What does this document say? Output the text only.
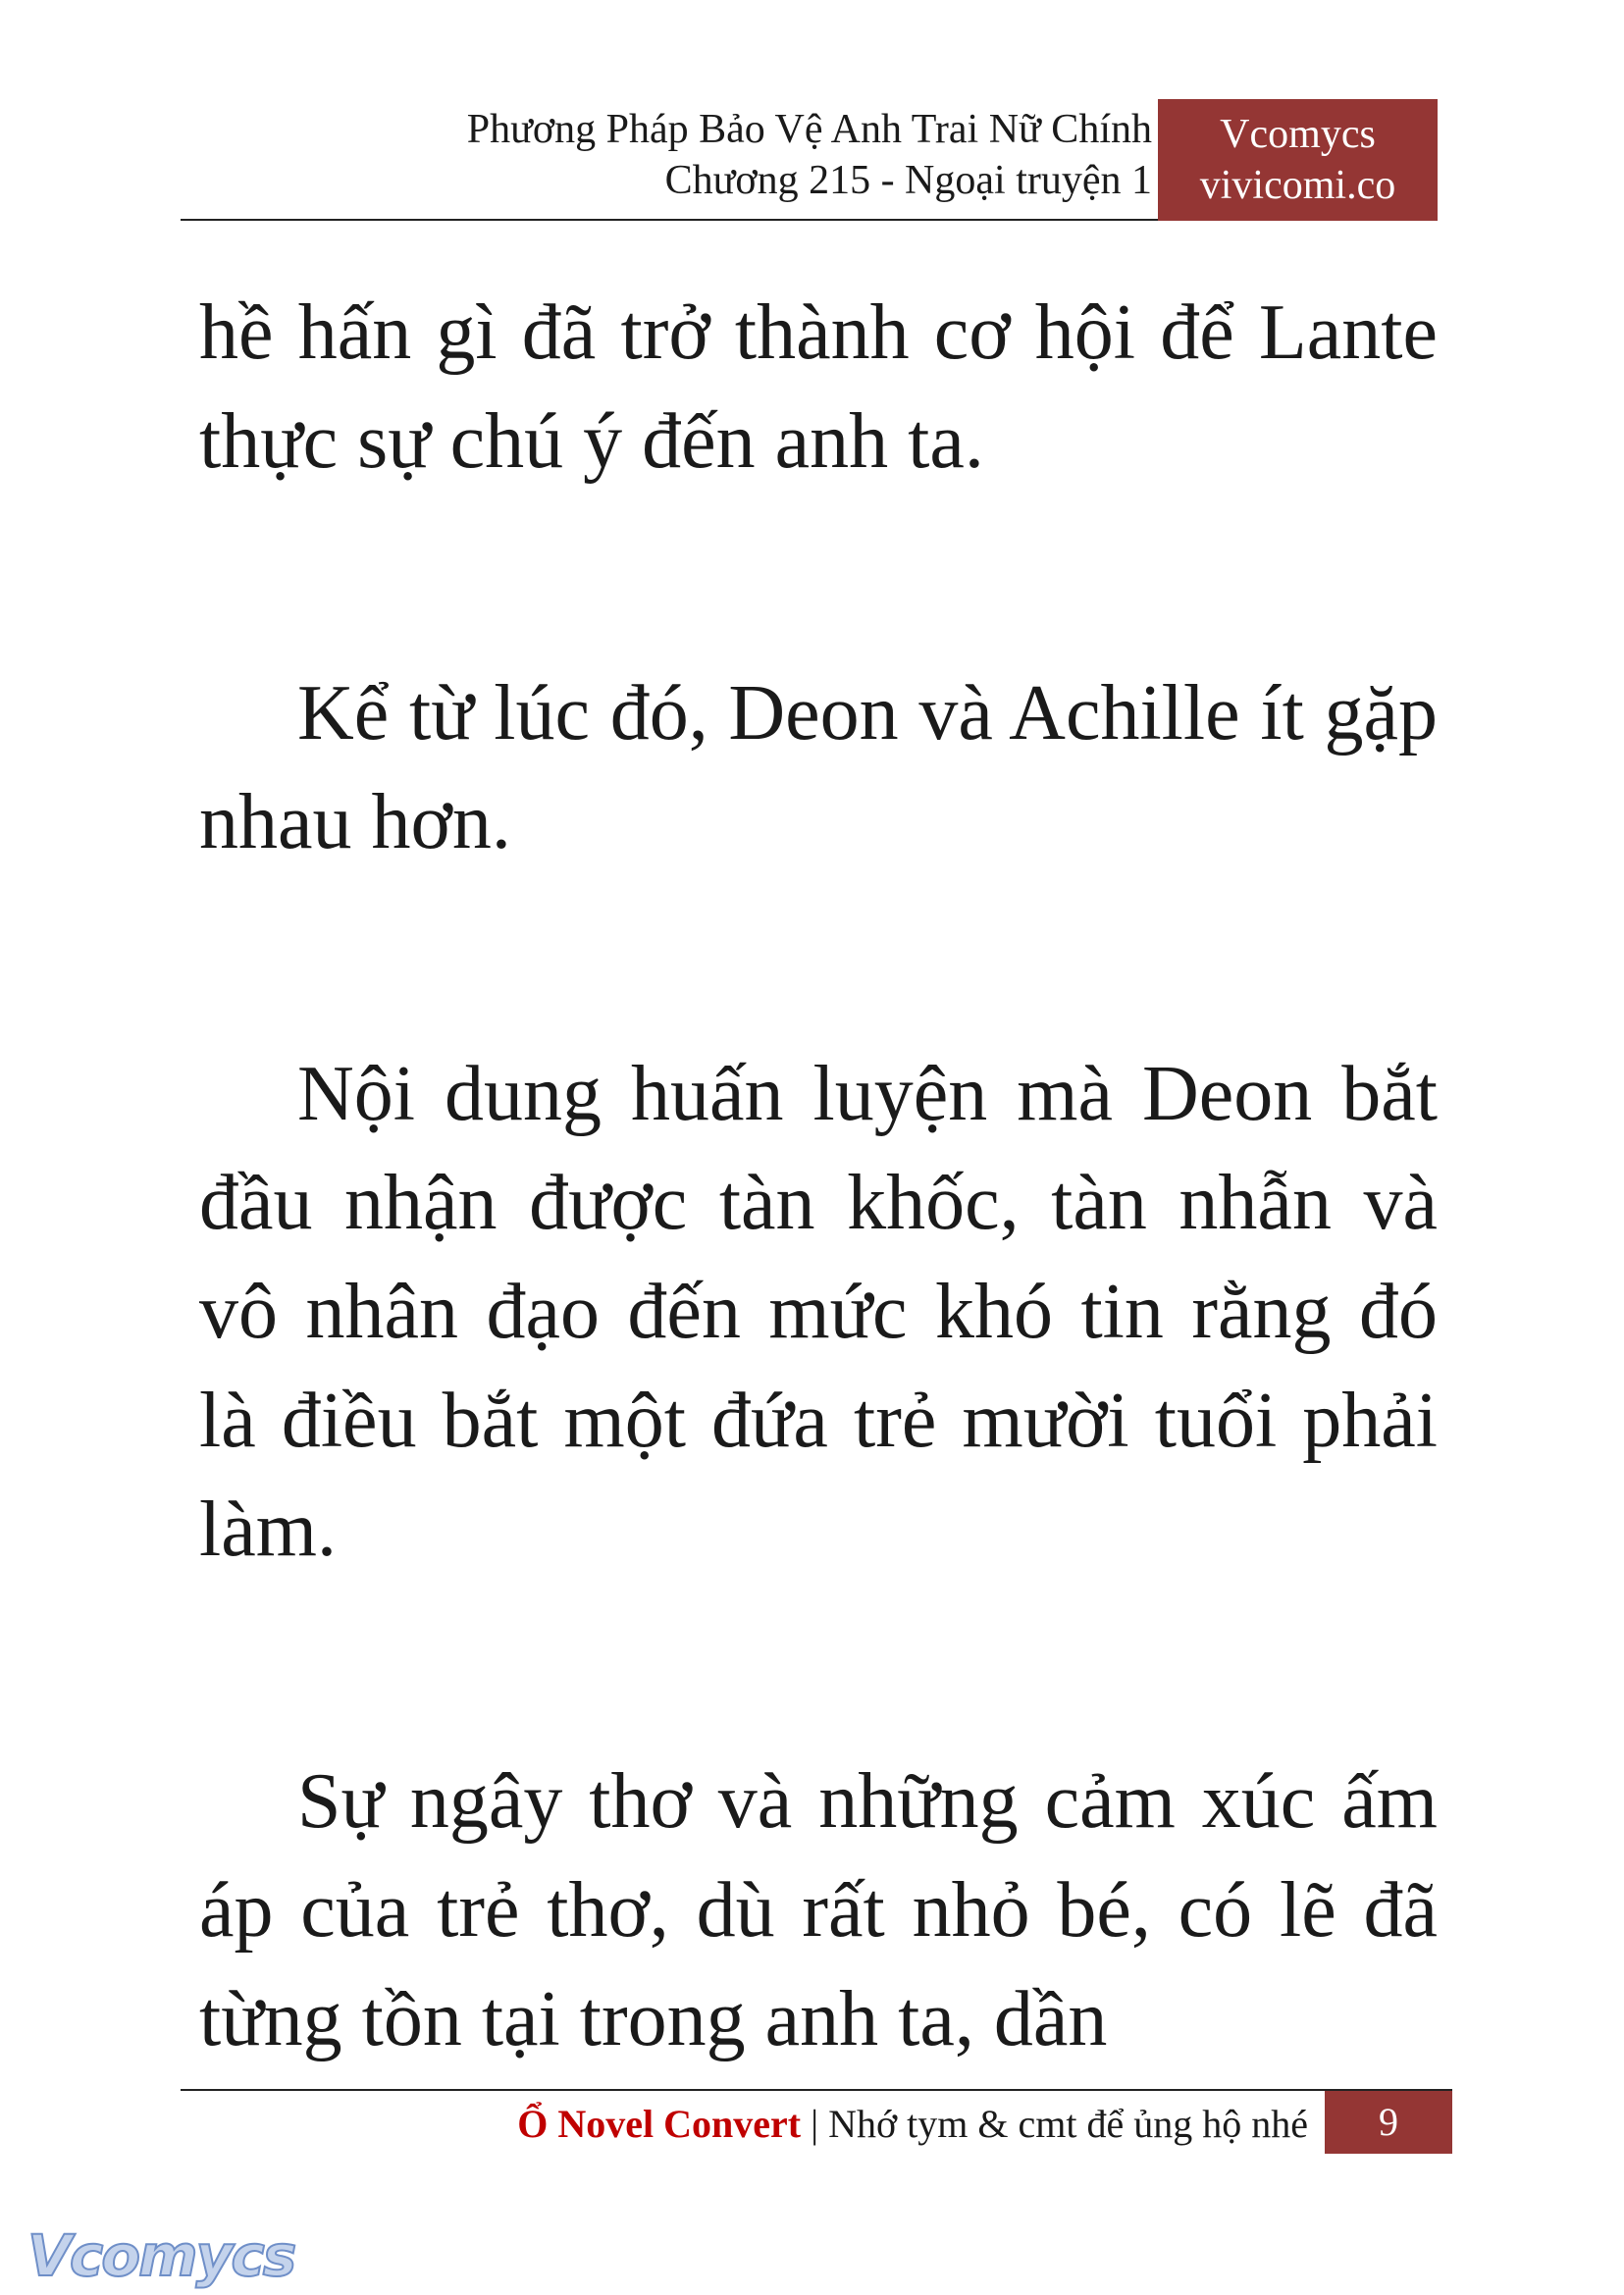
Phương Pháp Bảo Vệ Anh Trai Nữ Chính
Chương 215 - Ngoại truyện 1
Vcomycs
vivicomi.co

hề hấn gì đã trở thành cơ hội để Lante thực sự chú ý đến anh ta.

Kể từ lúc đó, Deon và Achille ít gặp nhau hơn.

Nội dung huấn luyện mà Deon bắt đầu nhận được tàn khốc, tàn nhẫn và vô nhân đạo đến mức khó tin rằng đó là điều bắt một đứa trẻ mười tuổi phải làm.

Sự ngây thơ và những cảm xúc ấm áp của trẻ thơ, dù rất nhỏ bé, có lẽ đã từng tồn tại trong anh ta, dần

Ổ Novel Convert | Nhớ tym & cmt để ủng hộ nhé	9
Vcomycs
